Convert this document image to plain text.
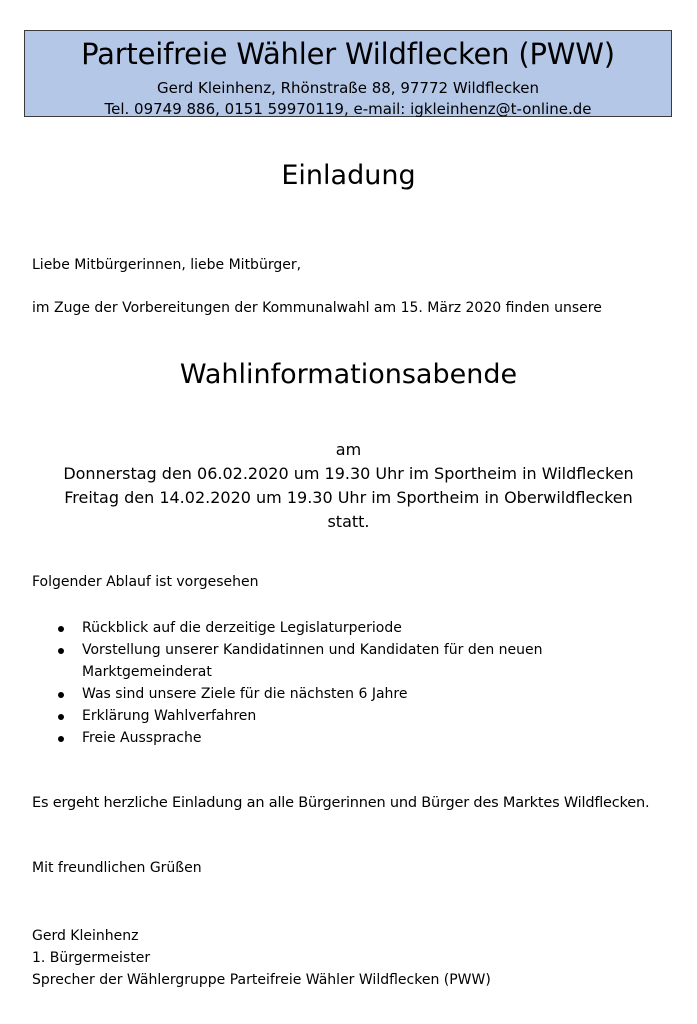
Parteifreie Wähler Wildflecken (PWW)
Gerd Kleinhenz, Rhönstraße 88, 97772 Wildflecken
Tel. 09749 886, 0151 59970119, e-mail: igkleinhenz@t-online.de
Einladung
Liebe Mitbürgerinnen, liebe Mitbürger,
im Zuge der Vorbereitungen der Kommunalwahl am 15. März 2020 finden unsere
Wahlinformationsabende
am
Donnerstag den 06.02.2020 um 19.30 Uhr im Sportheim in Wildflecken
Freitag den 14.02.2020 um 19.30 Uhr im Sportheim in Oberwildflecken
statt.
Folgender Ablauf ist vorgesehen
Rückblick auf die derzeitige Legislaturperiode
Vorstellung unserer Kandidatinnen und Kandidaten für den neuen Marktgemeinderat
Was sind unsere Ziele für die nächsten 6 Jahre
Erklärung Wahlverfahren
Freie Aussprache
Es ergeht herzliche Einladung an alle Bürgerinnen und Bürger des Marktes Wildflecken.
Mit freundlichen Grüßen
Gerd Kleinhenz
1. Bürgermeister
Sprecher der Wählergruppe Parteifreie Wähler Wildflecken (PWW)
